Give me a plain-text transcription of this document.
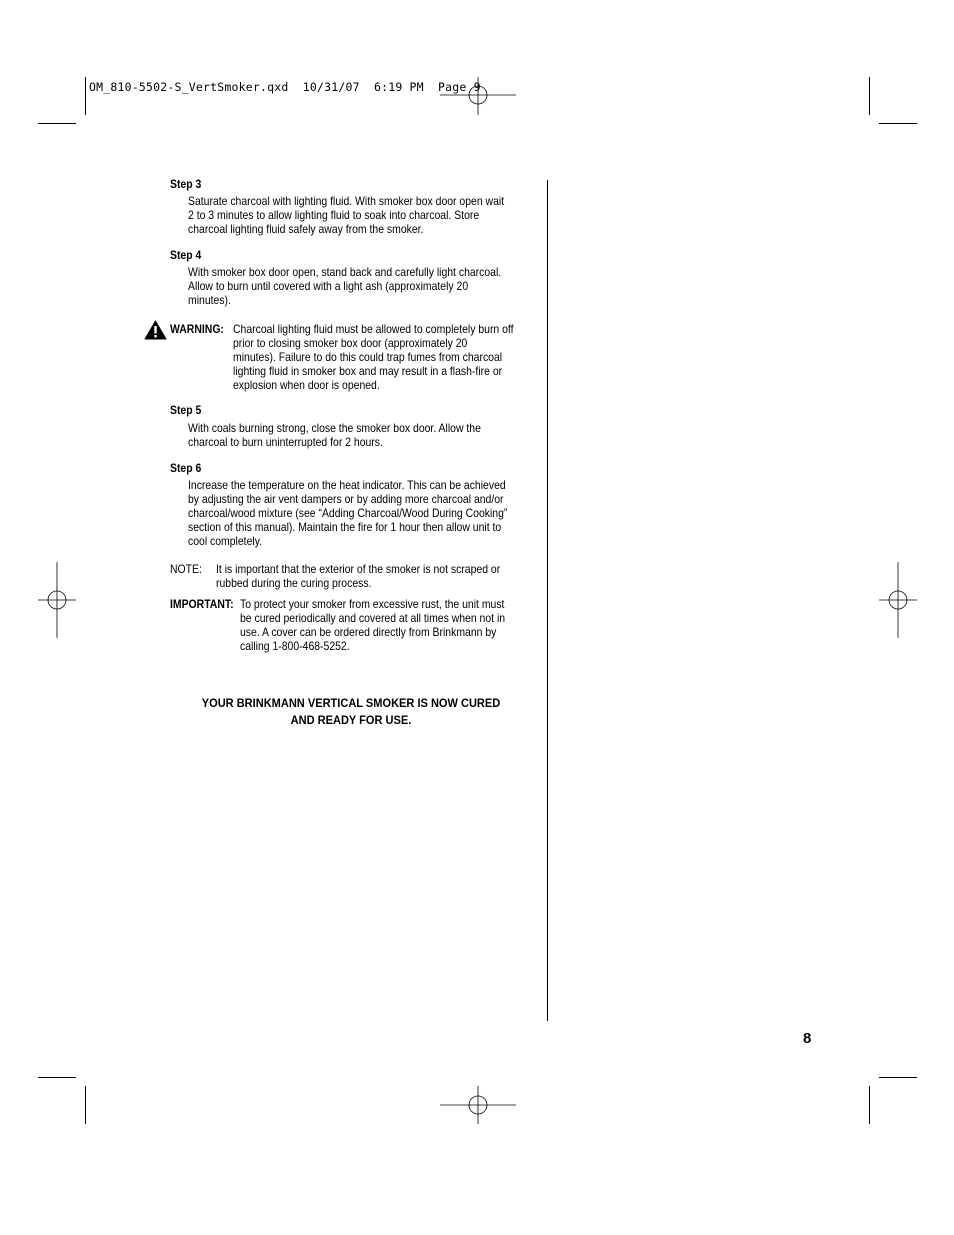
OM_810-5502-S_VertSmoker.qxd  10/31/07  6:19 PM  Page 9
Step 3
Saturate charcoal with lighting fluid. With smoker box door open wait
2 to 3 minutes to allow lighting fluid to soak into charcoal. Store
charcoal lighting fluid safely away from the smoker.
Step 4
With smoker box door open, stand back and carefully light charcoal.
Allow to burn until covered with a light ash (approximately 20
minutes).
WARNING: Charcoal lighting fluid must be allowed to completely burn off
prior to closing smoker box door (approximately 20
minutes). Failure to do this could trap fumes from charcoal
lighting fluid in smoker box and may result in a flash-fire or
explosion when door is opened.
Step 5
With coals burning strong, close the smoker box door. Allow the
charcoal to burn uninterrupted for 2 hours.
Step 6
Increase the temperature on the heat indicator. This can be achieved
by adjusting the air vent dampers or by adding more charcoal and/or
charcoal/wood mixture (see “Adding Charcoal/Wood During Cooking”
section of this manual). Maintain the fire for 1 hour then allow unit to
cool completely.
NOTE: It is important that the exterior of the smoker is not scraped or
rubbed during the curing process.
IMPORTANT: To protect your smoker from excessive rust, the unit must
be cured periodically and covered at all times when not in
use. A cover can be ordered directly from Brinkmann by
calling 1-800-468-5252.
YOUR BRINKMANN VERTICAL SMOKER IS NOW CURED
AND READY FOR USE.
8
